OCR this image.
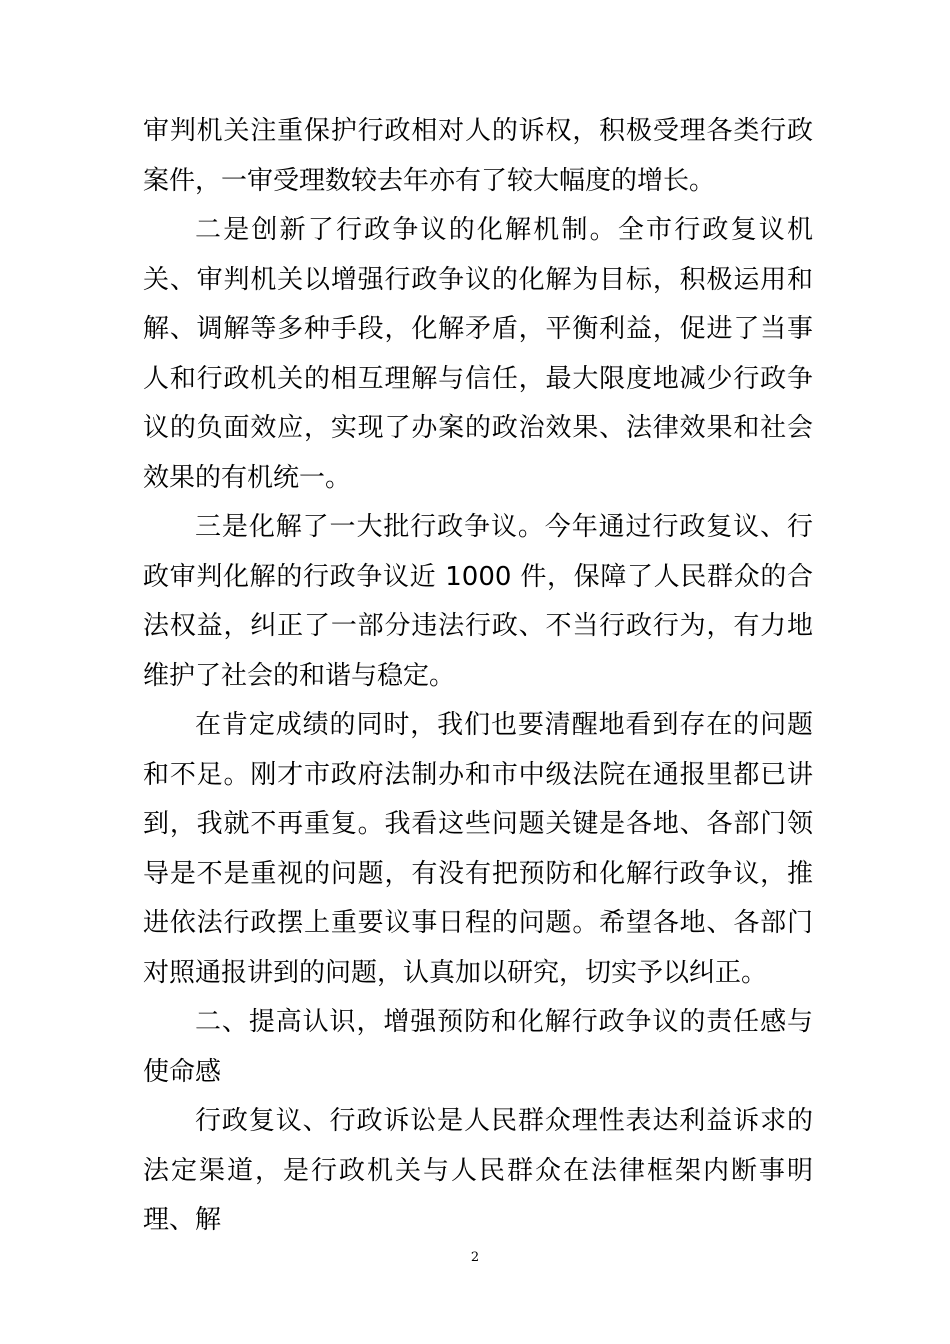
审判机关注重保护行政相对人的诉权，积极受理各类行政案件，一审受理数较去年亦有了较大幅度的增长。

二是创新了行政争议的化解机制。全市行政复议机关、审判机关以增强行政争议的化解为目标，积极运用和解、调解等多种手段，化解矛盾，平衡利益，促进了当事人和行政机关的相互理解与信任，最大限度地减少行政争议的负面效应，实现了办案的政治效果、法律效果和社会效果的有机统一。

三是化解了一大批行政争议。今年通过行政复议、行政审判化解的行政争议近 1000 件，保障了人民群众的合法权益，纠正了一部分违法行政、不当行政行为，有力地维护了社会的和谐与稳定。

在肯定成绩的同时，我们也要清醒地看到存在的问题和不足。刚才市政府法制办和市中级法院在通报里都已讲到，我就不再重复。我看这些问题关键是各地、各部门领导是不是重视的问题，有没有把预防和化解行政争议，推进依法行政摆上重要议事日程的问题。希望各地、各部门对照通报讲到的问题，认真加以研究，切实予以纠正。

二、提高认识，增强预防和化解行政争议的责任感与使命感

行政复议、行政诉讼是人民群众理性表达利益诉求的法定渠道，是行政机关与人民群众在法律框架内断事明理、解

2
